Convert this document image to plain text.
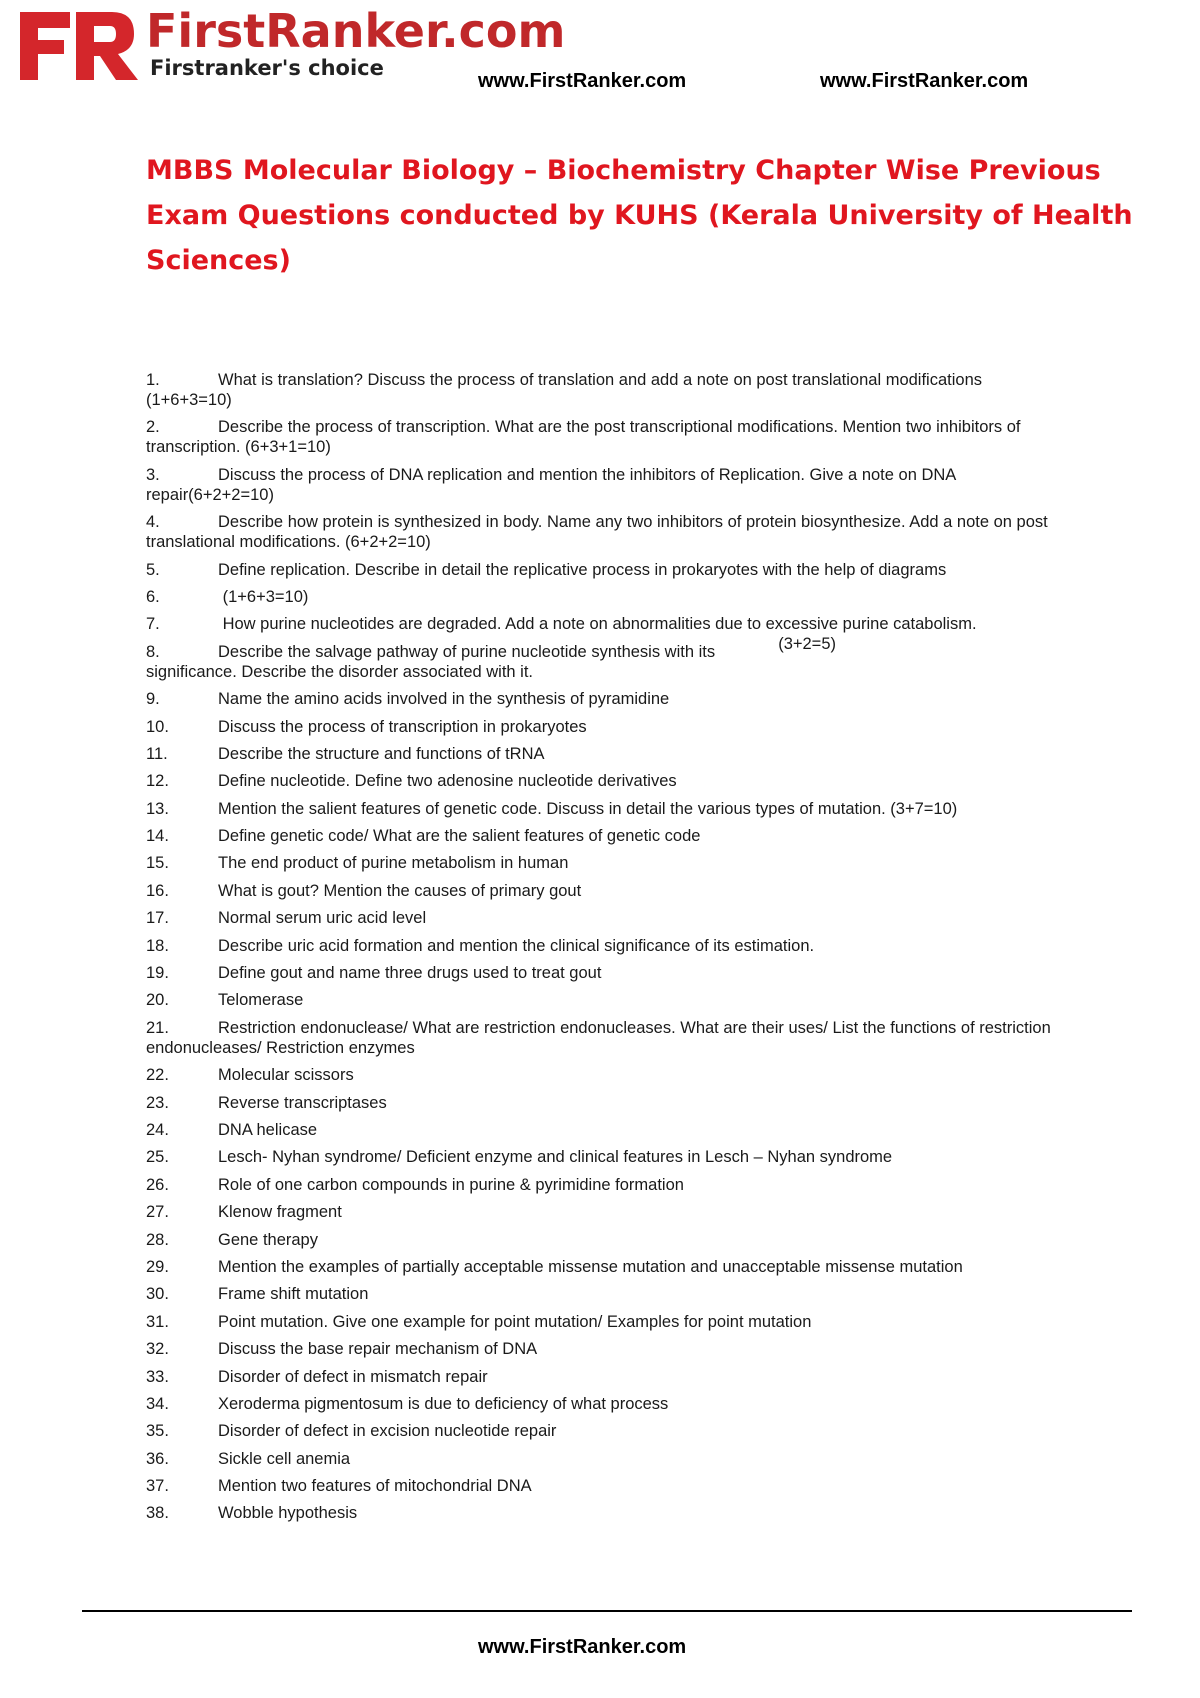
FirstRanker.com
Firstranker's choice
www.FirstRanker.com	www.FirstRanker.com
MBBS Molecular Biology – Biochemistry Chapter Wise Previous
Exam Questions conducted by KUHS (Kerala University of Health
Sciences)
1.	What is translation? Discuss the process of translation and add a note on post translational modifications (1+6+3=10)
2.	Describe the process of transcription. What are the post transcriptional modifications. Mention two inhibitors of transcription. (6+3+1=10)
3.	Discuss the process of DNA replication and mention the inhibitors of Replication. Give a note on DNA repair(6+2+2=10)
4.	Describe how protein is synthesized in body. Name any two inhibitors of protein biosynthesize. Add a note on post translational modifications. (6+2+2=10)
5.	Define replication. Describe in detail the replicative process in prokaryotes with the help of diagrams
6.	(1+6+3=10)
7.	How purine nucleotides are degraded. Add a note on abnormalities due to excessive purine catabolism.
(3+2=5)
8.	Describe the salvage pathway of purine nucleotide synthesis with its significance. Describe the disorder associated with it.
9.	Name the amino acids involved in the synthesis of pyramidine
10.	Discuss the process of transcription in prokaryotes
11.	Describe the structure and functions of tRNA
12.	Define nucleotide. Define two adenosine nucleotide derivatives
13.	Mention the salient features of genetic code. Discuss in detail the various types of mutation. (3+7=10)
14.	Define genetic code/ What are the salient features of genetic code
15.	The end product of purine metabolism in human
16.	What is gout? Mention the causes of primary gout
17.	Normal serum uric acid level
18.	Describe uric acid formation and mention the clinical significance of its estimation.
19.	Define gout and name three drugs used to treat gout
20.	Telomerase
21.	Restriction endonuclease/ What are restriction endonucleases. What are their uses/ List the functions of restriction endonucleases/ Restriction enzymes
22.	Molecular scissors
23.	Reverse transcriptases
24.	DNA helicase
25.	Lesch- Nyhan syndrome/ Deficient enzyme and clinical features in Lesch – Nyhan syndrome
26.	Role of one carbon compounds in purine & pyrimidine formation
27.	Klenow fragment
28.	Gene therapy
29.	Mention the examples of partially acceptable missense mutation and unacceptable missense mutation
30.	Frame shift mutation
31.	Point mutation. Give one example for point mutation/ Examples for point mutation
32.	Discuss the base repair mechanism of DNA
33.	Disorder of defect in mismatch repair
34.	Xeroderma pigmentosum is due to deficiency of what process
35.	Disorder of defect in excision nucleotide repair
36.	Sickle cell anemia
37.	Mention two features of mitochondrial DNA
38.	Wobble hypothesis
www.FirstRanker.com
